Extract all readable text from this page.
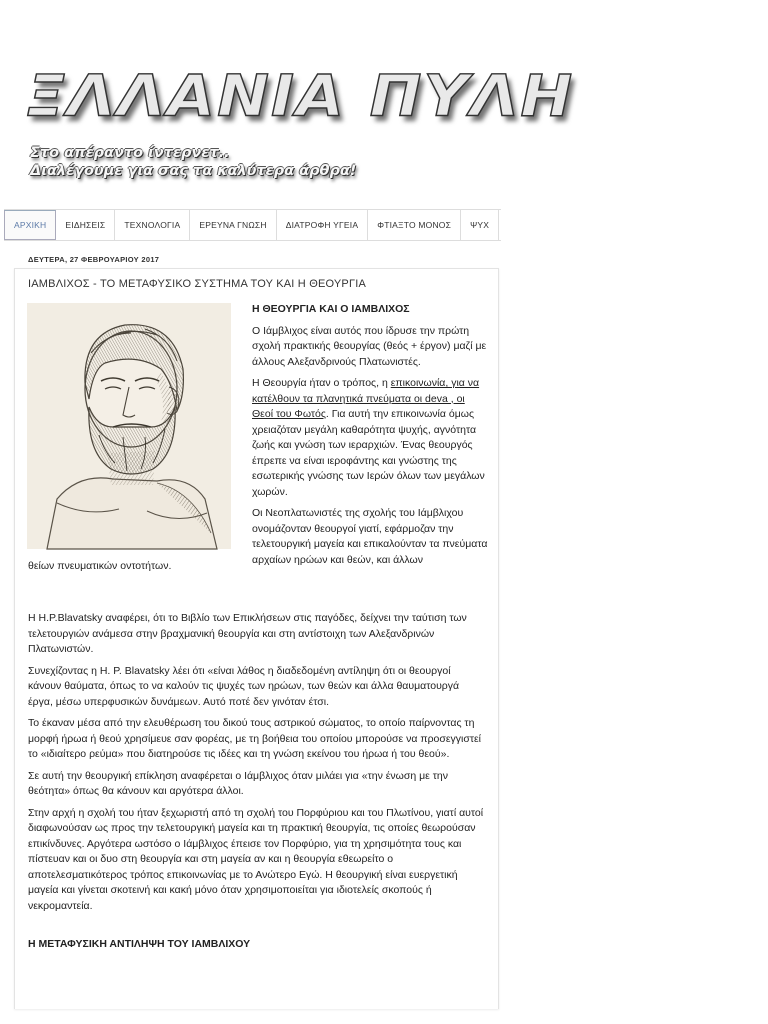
ΞΛΛΑΝΙΑ ΠΥΛΗ
Στο απέραντο ίντερνετ..
Διαλέγουμε για σας τα καλύτερα άρθρα!
ΑΡΧΙΚΗ	ΕΙΔΗΣΕΙΣ	ΤΕΧΝΟΛΟΓΙΑ	ΕΡΕΥΝΑ ΓΝΩΣΗ	ΔΙΑΤΡΟΦΗ ΥΓΕΙΑ	ΦΤΙΑΞΤΟ ΜΟΝΟΣ	ΨΥΧ
ΔΕΥΤΕΡΑ, 27 ΦΕΒΡΟΥΑΡΙΟΥ 2017
ΙΑΜΒΛΙΧΟΣ - ΤΟ ΜΕΤΑΦΥΣΙΚΟ ΣΥΣΤΗΜΑ ΤΟΥ ΚΑΙ Η ΘΕΟΥΡΓΙΑ

Η ΘΕΟΥΡΓΙΑ ΚΑΙ Ο ΙΑΜΒΛΙΧΟΣ

Ο Ιάμβλιχος είναι αυτός που ίδρυσε την πρώτη σχολή πρακτικής θεουργίας (θεός + έργον) μαζί με άλλους Αλεξανδρινούς Πλατωνιστές.

Η Θεουργία ήταν ο τρόπος, η επικοινωνία, για να κατέλθουν τα πλανητικά πνεύματα οι deva , οι Θεοί του Φωτός. Για αυτή την επικοινωνία όμως χρειαζόταν μεγάλη καθαρότητα ψυχής, αγνότητα ζωής και γνώση των ιεραρχιών. Ένας θεουργός έπρεπε να είναι ιεροφάντης και γνώστης της εσωτερικής γνώσης των Ιερών όλων των μεγάλων χωρών.

Οι Νεοπλατωνιστές της σχολής του Ιάμβλιχου ονομάζονταν θεουργοί γιατί, εφάρμοζαν την τελετουργική μαγεία και επικαλούνταν τα πνεύματα αρχαίων ηρώων και θεών, και άλλων

θείων πνευματικών οντοτήτων.

Η Η.Ρ.Blavatsky αναφέρει, ότι το Βιβλίο των Επικλήσεων στις παγόδες, δείχνει την ταύτιση των τελετουργιών ανάμεσα στην βραχμανική θεουργία και στη αντίστοιχη των Αλεξανδρινών Πλατωνιστών.

Συνεχίζοντας η H. P. Blavatsky λέει ότι «είναι λάθος η διαδεδομένη αντίληψη ότι οι θεουργοί κάνουν θαύματα, όπως το να καλούν τις ψυχές των ηρώων, των θεών και άλλα θαυματουργά έργα, μέσω υπερφυσικών δυνάμεων. Αυτό ποτέ δεν γινόταν έτσι.

Το έκαναν μέσα από την ελευθέρωση του δικού τους αστρικού σώματος, το οποίο παίρνοντας τη μορφή ήρωα ή θεού χρησίμευε σαν φορέας, με τη βοήθεια του οποίου μπορούσε να προσεγγιστεί το «ιδιαίτερο ρεύμα» που διατηρούσε τις ιδέες και τη γνώση εκείνου του ήρωα ή του θεού».

Σε αυτή την θεουργική επίκληση αναφέρεται ο Ιάμβλιχος όταν μιλάει για «την ένωση με την θεότητα» όπως θα κάνουν και αργότερα άλλοι.

Στην αρχή η σχολή του ήταν ξεχωριστή από τη σχολή του Πορφύριου και του Πλωτίνου, γιατί αυτοί διαφωνούσαν ως προς την τελετουργική μαγεία και τη πρακτική θεουργία, τις οποίες θεωρούσαν επικίνδυνες. Αργότερα ωστόσο ο Ιάμβλιχος έπεισε τον Πορφύριο, για τη χρησιμότητα τους και πίστευαν και οι δυο στη θεουργία και στη μαγεία αν και η θεουργία εθεωρείτο ο αποτελεσματικότερος τρόπος επικοινωνίας με το Ανώτερο Εγώ. Η θεουργική είναι ευεργετική μαγεία και γίνεται σκοτεινή και κακή μόνο όταν χρησιμοποιείται για ιδιοτελείς σκοπούς ή νεκρομαντεία.

Η ΜΕΤΑΦΥΣΙΚΗ ΑΝΤΙΛΗΨΗ ΤΟΥ ΙΑΜΒΛΙΧΟΥ
